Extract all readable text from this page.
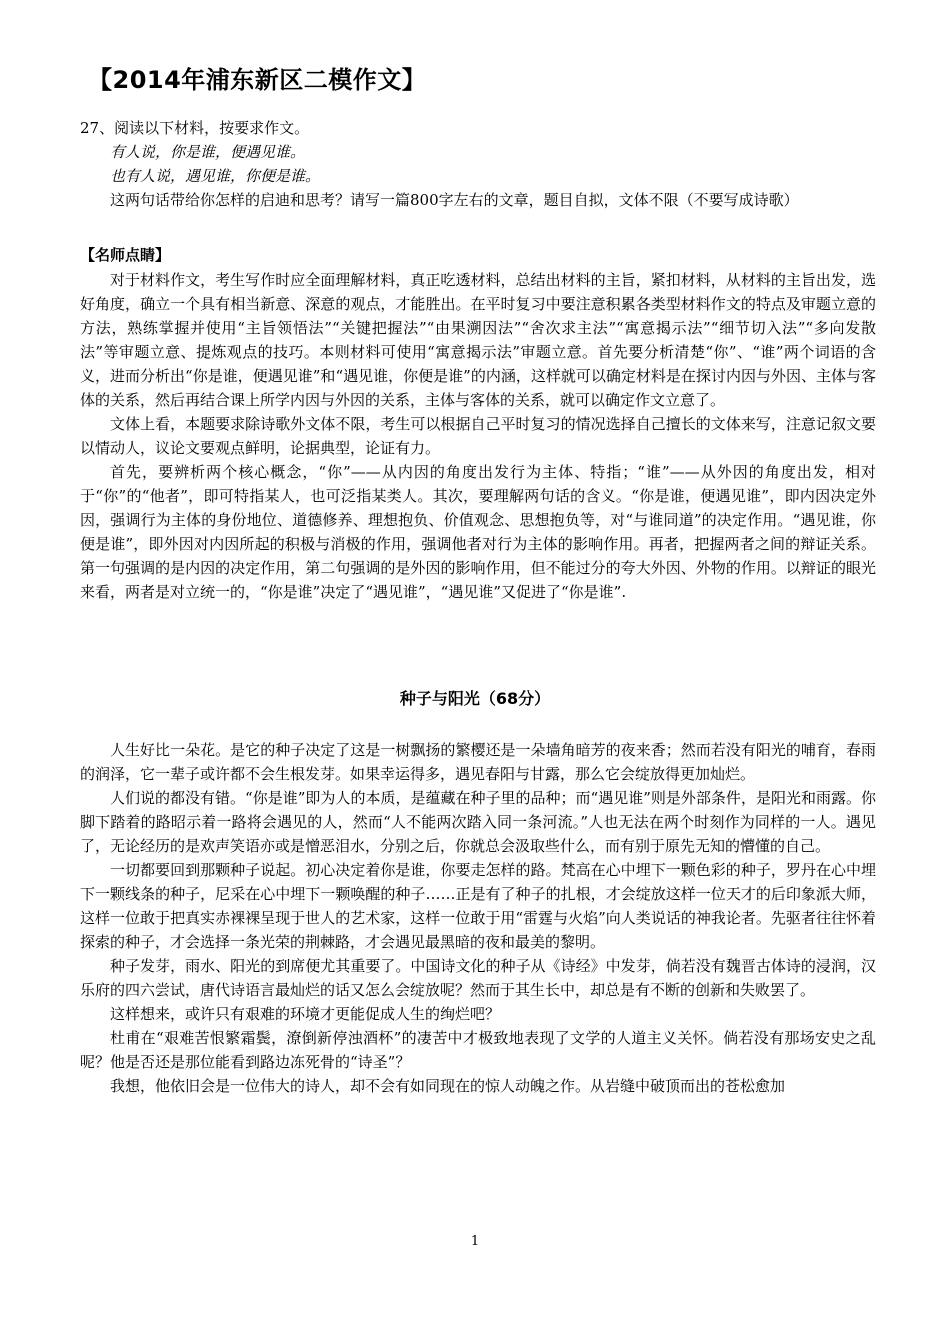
【2014年浦东新区二模作文】

27、阅读以下材料，按要求作文。

有人说，你是谁，便遇见谁。

也有人说，遇见谁，你便是谁。

这两句话带给你怎样的启迪和思考？请写一篇800字左右的文章，题目自拟，文体不限（不要写成诗歌）

【名师点睛】

对于材料作文，考生写作时应全面理解材料，真正吃透材料，总结出材料的主旨，紧扣材料，从材料的主旨出发，选好角度，确立一个具有相当新意、深意的观点，才能胜出。在平时复习中要注意积累各类型材料作文的特点及审题立意的方法，熟练掌握并使用“主旨领悟法”“关键把握法”“由果溯因法”“舍次求主法”“寓意揭示法”“细节切入法”“多向发散法”等审题立意、提炼观点的技巧。本则材料可使用“寓意揭示法”审题立意。首先要分析清楚“你”、“谁”两个词语的含义，进而分析出“你是谁，便遇见谁”和“遇见谁，你便是谁”的内涵，这样就可以确定材料是在探讨内因与外因、主体与客体的关系，然后再结合课上所学内因与外因的关系，主体与客体的关系，就可以确定作文立意了。

文体上看，本题要求除诗歌外文体不限，考生可以根据自己平时复习的情况选择自己擅长的文体来写，注意记叙文要以情动人，议论文要观点鲜明，论据典型，论证有力。

首先，要辨析两个核心概念，“你”——从内因的角度出发行为主体、特指；“谁”——从外因的角度出发，相对于“你”的“他者”，即可特指某人，也可泛指某类人。其次，要理解两句话的含义。“你是谁，便遇见谁”，即内因决定外因，强调行为主体的身份地位、道德修养、理想抱负、价值观念、思想抱负等，对“与谁同道”的决定作用。“遇见谁，你便是谁”，即外因对内因所起的积极与消极的作用，强调他者对行为主体的影响作用。再者，把握两者之间的辩证关系。第一句强调的是内因的决定作用，第二句强调的是外因的影响作用，但不能过分的夸大外因、外物的作用。以辩证的眼光来看，两者是对立统一的，“你是谁”决定了“遇见谁”，“遇见谁”又促进了“你是谁”.

种子与阳光（68分）

人生好比一朵花。是它的种子决定了这是一树飘扬的繁樱还是一朵墙角暗芳的夜来香；然而若没有阳光的哺育，春雨的润泽，它一辈子或许都不会生根发芽。如果幸运得多，遇见春阳与甘露，那么它会绽放得更加灿烂。

人们说的都没有错。“你是谁”即为人的本质，是蕴藏在种子里的品种；而“遇见谁”则是外部条件，是阳光和雨露。你脚下踏着的路昭示着一路将会遇见的人，然而“人不能两次踏入同一条河流。”人也无法在两个时刻作为同样的一人。遇见了，无论经历的是欢声笑语亦或是憎恶泪水，分别之后，你就总会汲取些什么，而有别于原先无知的懵懂的自己。

一切都要回到那颗种子说起。初心决定着你是谁，你要走怎样的路。梵高在心中埋下一颗色彩的种子，罗丹在心中埋下一颗线条的种子，尼采在心中埋下一颗唤醒的种子……正是有了种子的扎根，才会绽放这样一位天才的后印象派大师，这样一位敢于把真实赤裸裸呈现于世人的艺术家，这样一位敢于用“雷霆与火焰”向人类说话的神我论者。先驱者往往怀着探索的种子，才会选择一条光荣的荆棘路，才会遇见最黑暗的夜和最美的黎明。

种子发芽，雨水、阳光的到席便尤其重要了。中国诗文化的种子从《诗经》中发芽，倘若没有魏晋古体诗的浸润，汉乐府的四六尝试，唐代诗语言最灿烂的话又怎么会绽放呢？然而于其生长中，却总是有不断的创新和失败罢了。

这样想来，或许只有艰难的环境才更能促成人生的绚烂吧？

杜甫在“艰难苦恨繁霜鬓，潦倒新停浊酒杯”的凄苦中才极致地表现了文学的人道主义关怀。倘若没有那场安史之乱呢？他是否还是那位能看到路边冻死骨的“诗圣”？

我想，他依旧会是一位伟大的诗人，却不会有如同现在的惊人动魄之作。从岩缝中破顶而出的苍松愈加

1
